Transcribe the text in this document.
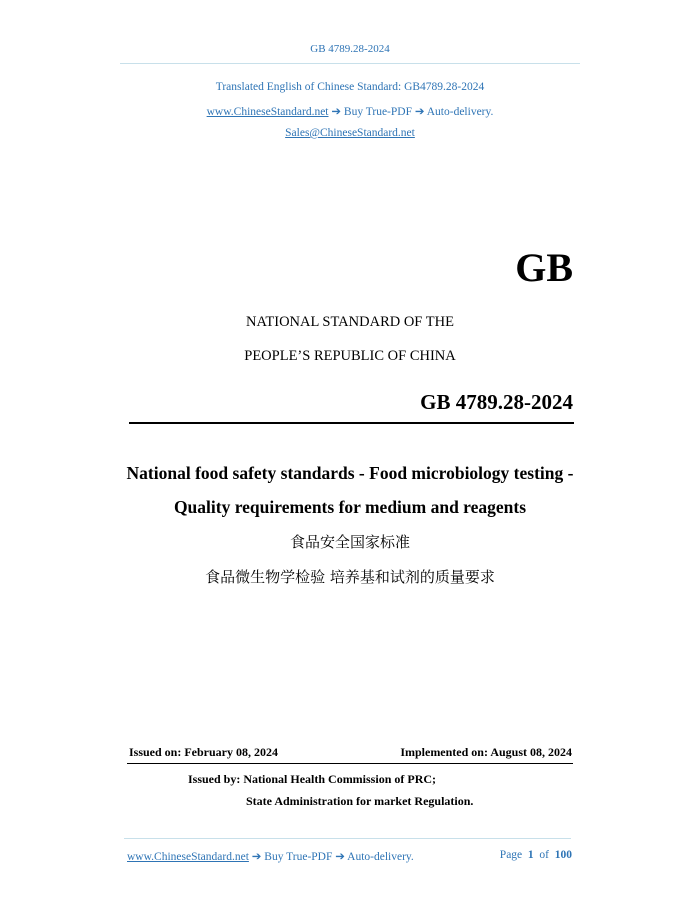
GB 4789.28-2024
Translated English of Chinese Standard: GB4789.28-2024
www.ChineseStandard.net ➔ Buy True-PDF ➔ Auto-delivery.
Sales@ChineseStandard.net
GB
NATIONAL STANDARD OF THE
PEOPLE’S REPUBLIC OF CHINA
GB 4789.28-2024
National food safety standards - Food microbiology testing -
Quality requirements for medium and reagents
食品安全国家标准
食品微生物学检验 培养基和试剂的质量要求
Issued on: February 08, 2024	Implemented on: August 08, 2024
Issued by: National Health Commission of PRC;
State Administration for market Regulation.
www.ChineseStandard.net ➔ Buy True-PDF ➔ Auto-delivery.	Page 1 of 100
